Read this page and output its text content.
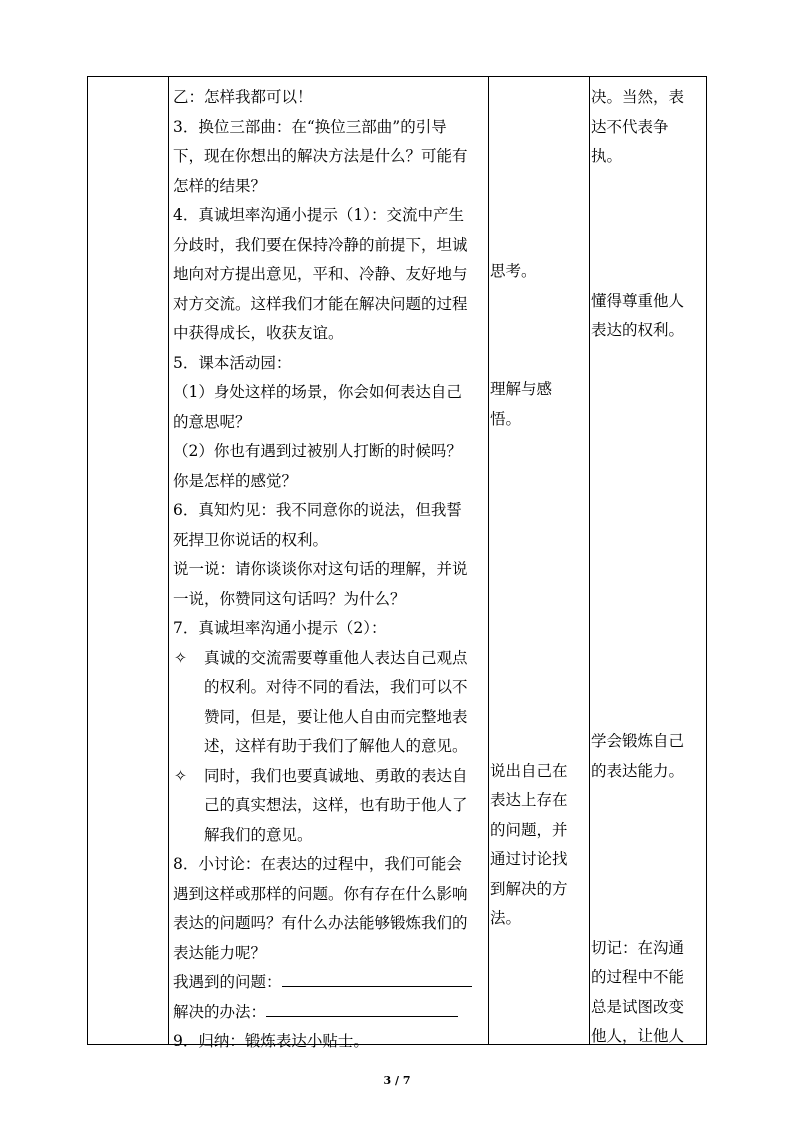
乙：怎样我都可以！
3．换位三部曲：在“换位三部曲”的引导
下，现在你想出的解决方法是什么？可能有
怎样的结果？
4．真诚坦率沟通小提示（1）：交流中产生
分歧时，我们要在保持冷静的前提下，坦诚
地向对方提出意见，平和、冷静、友好地与
对方交流。这样我们才能在解决问题的过程
中获得成长，收获友谊。
5．课本活动园：
（1）身处这样的场景，你会如何表达自己
的意思呢？
（2）你也有遇到过被别人打断的时候吗？
你是怎样的感觉？
6．真知灼见：我不同意你的说法，但我誓
死捍卫你说话的权利。
说一说：请你谈谈你对这句话的理解，并说
一说，你赞同这句话吗？为什么？
7．真诚坦率沟通小提示（2）：
✧ 真诚的交流需要尊重他人表达自己观点
的权利。对待不同的看法，我们可以不
赞同，但是，要让他人自由而完整地表
述，这样有助于我们了解他人的意见。
✧ 同时，我们也要真诚地、勇敢的表达自
己的真实想法，这样，也有助于他人了
解我们的意见。
8．小讨论：在表达的过程中，我们可能会
遇到这样或那样的问题。你有存在什么影响
表达的问题吗？有什么办法能够锻炼我们的
表达能力呢？
我遇到的问题：
解决的办法：
9．归纳：锻炼表达小贴士。
思考。
理解与感
悟。
说出自己在
表达上存在
的问题，并
通过讨论找
到解决的方
法。
决。当然，表
达不代表争
执。
懂得尊重他人
表达的权利。
学会锻炼自己
的表达能力。
切记：在沟通
的过程中不能
总是试图改变
他人，让他人
3 / 7
